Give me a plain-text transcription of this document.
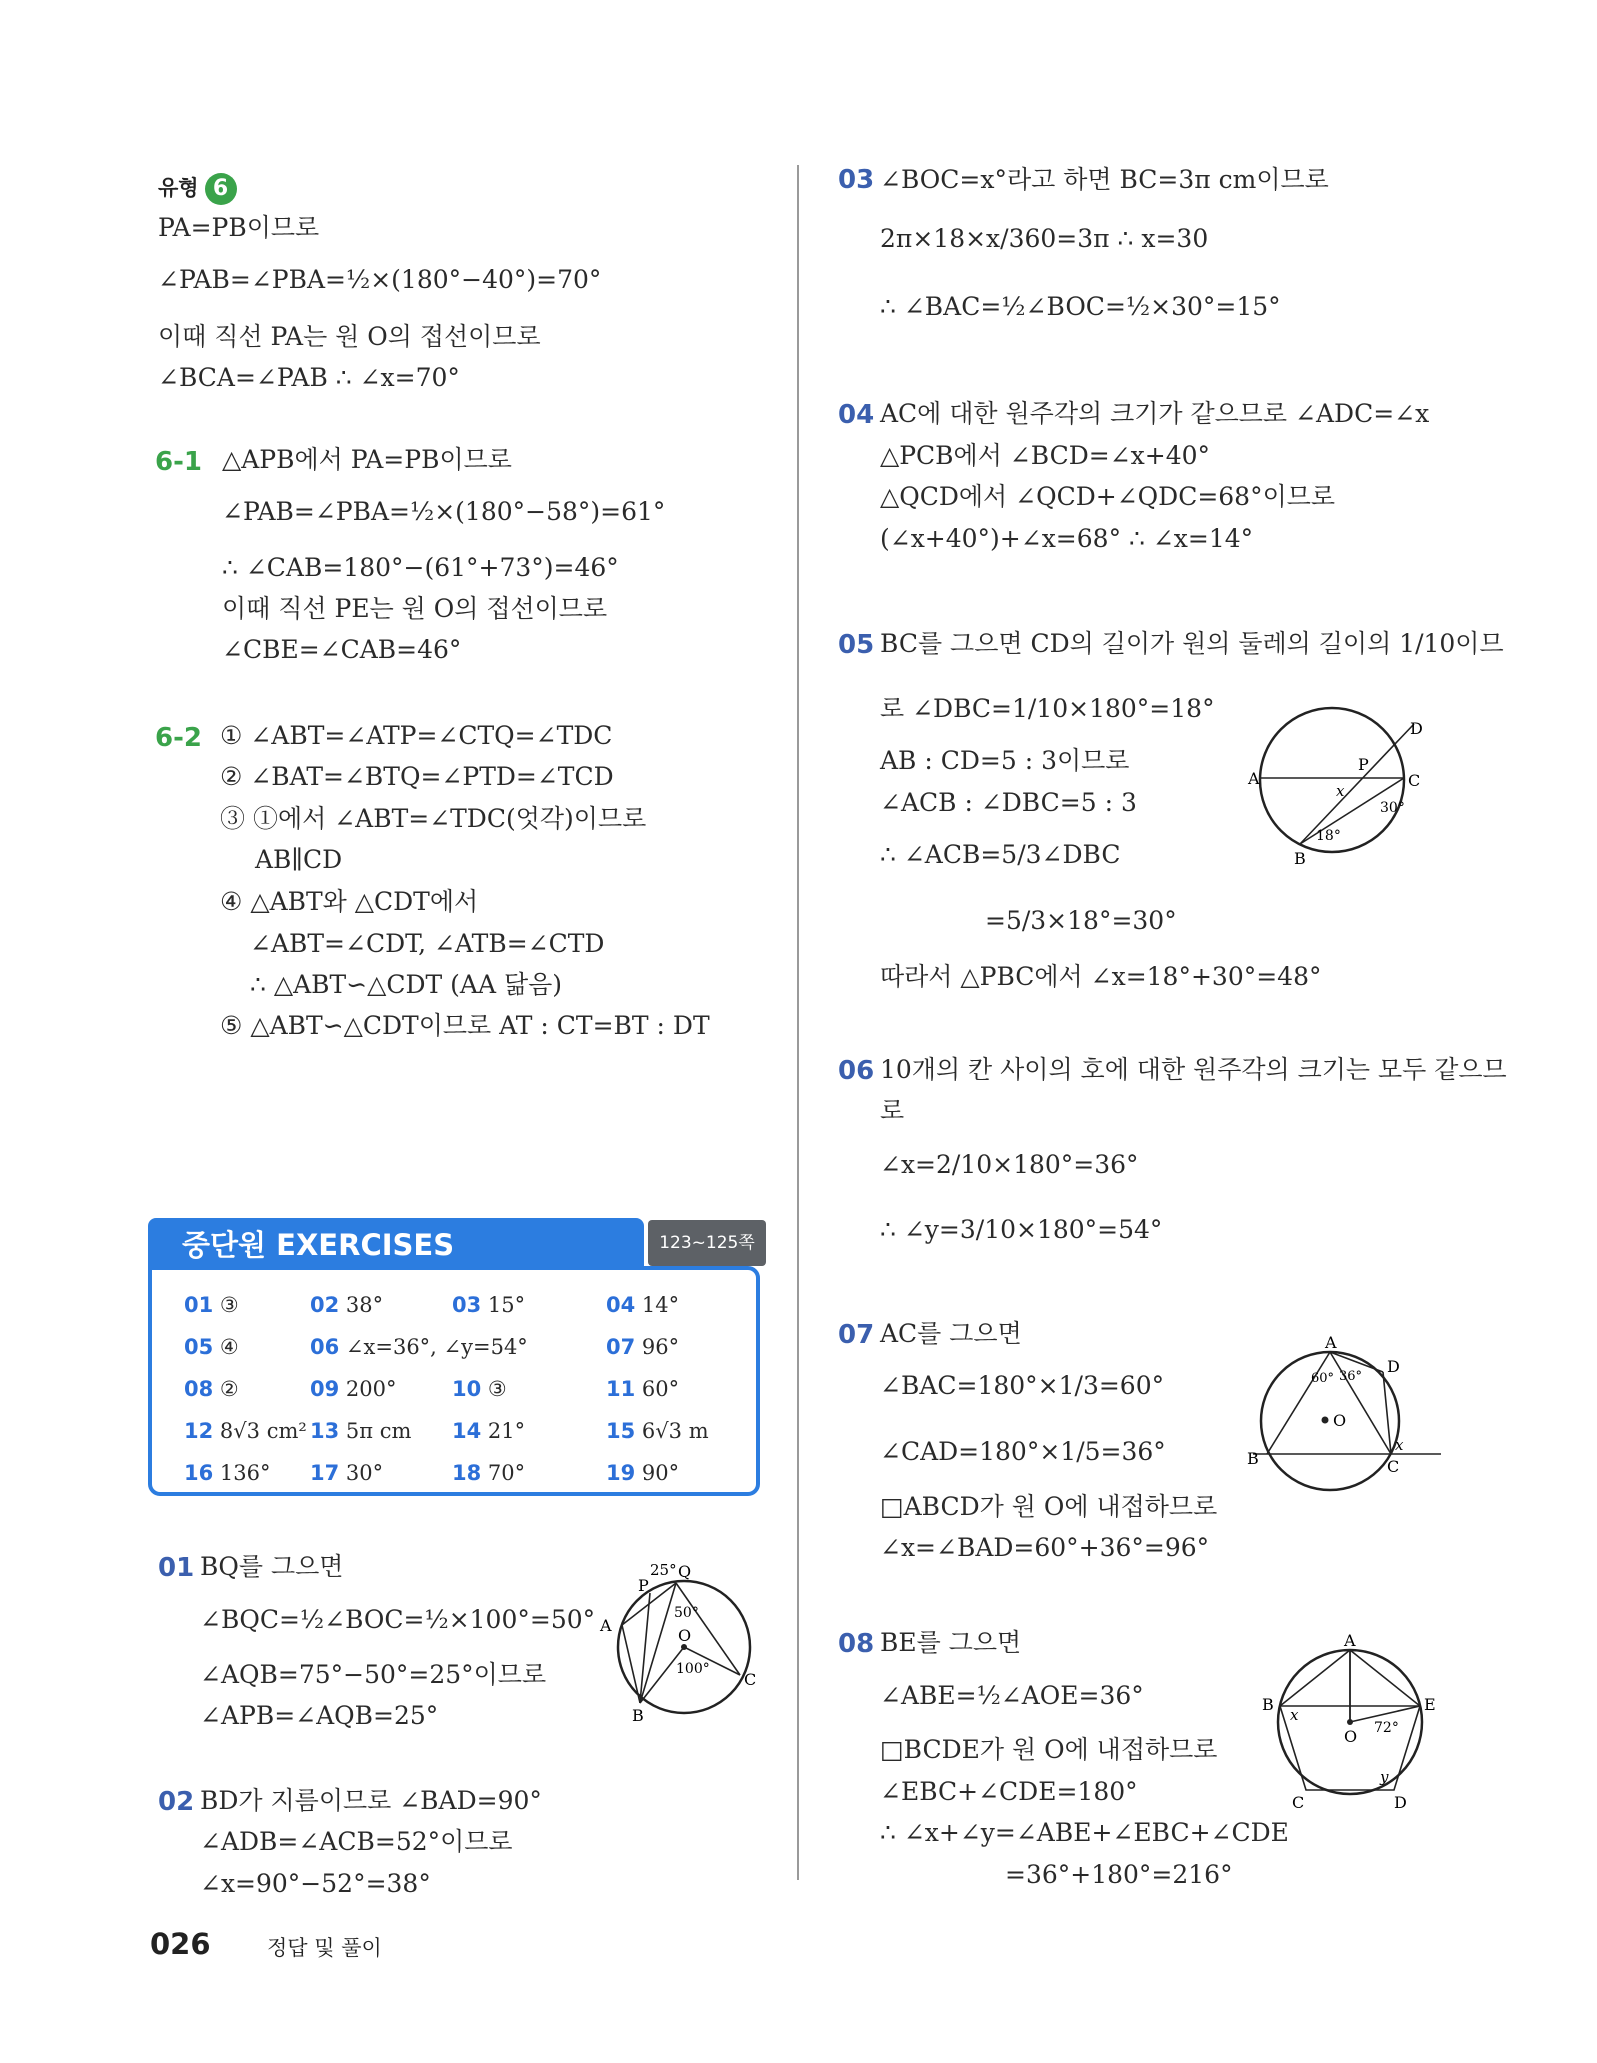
유형 6
PA=PB이므로
∠PAB=∠PBA=½×(180°−40°)=70°
이때 직선 PA는 원 O의 접선이므로
∠BCA=∠PAB ∴ ∠x=70°
6-1 △APB에서 PA=PB이므로
∠PAB=∠PBA=½×(180°−58°)=61°
∴ ∠CAB=180°−(61°+73°)=46°
이때 직선 PE는 원 O의 접선이므로
∠CBE=∠CAB=46°
6-2 ① ∠ABT=∠ATP=∠CTQ=∠TDC
② ∠BAT=∠BTQ=∠PTD=∠TCD
③ ①에서 ∠ABT=∠TDC(엇각)이므로
AB∥CD
④ △ABT와 △CDT에서
∠ABT=∠CDT, ∠ATB=∠CTD
∴ △ABT∽△CDT (AA 닮음)
⑤ △ABT∽△CDT이므로 AT : CT=BT : DT
중단원 EXERCISES	123~125쪽
01 ③	02 38°	03 15°	04 14°
05 ④	06 ∠x=36°, ∠y=54°	07 96°
08 ②	09 200°	10 ③	11 60°
12 8√3 cm² 13 5π cm 14 21°	15 6√3 m
16 136° 17 30°	18 70°	19 90°
01 BQ를 그으면
∠BQC=½∠BOC=½×100°=50°
∠AQB=75°−50°=25°이므로
∠APB=∠AQB=25°
25°
P
Q
A
B
C
O
50°
100°
02 BD가 지름이므로 ∠BAD=90°
∠ADB=∠ACB=52°이므로
∠x=90°−52°=38°
03 ∠BOC=x°라고 하면 BC=3π cm이므로
2π×18×x/360=3π ∴ x=30
∴ ∠BAC=½∠BOC=½×30°=15°
04 AC에 대한 원주각의 크기가 같으므로 ∠ADC=∠x
△PCB에서 ∠BCD=∠x+40°
△QCD에서 ∠QCD+∠QDC=68°이므로
(∠x+40°)+∠x=68° ∴ ∠x=14°
05 BC를 그으면 CD의 길이가 원의 둘레의 길이의 1/10이므
로 ∠DBC=1/10×180°=18°
AB : CD=5 : 3이므로
∠ACB : ∠DBC=5 : 3
∴ ∠ACB=5/3∠DBC
=5/3×18°=30°
따라서 △PBC에서 ∠x=18°+30°=48°
A
B
C
D
P
x
30°
18°
06 10개의 칸 사이의 호에 대한 원주각의 크기는 모두 같으므
로
∠x=2/10×180°=36°
∴ ∠y=3/10×180°=54°
07 AC를 그으면
∠BAC=180°×1/3=60°
∠CAD=180°×1/5=36°
□ABCD가 원 O에 내접하므로
∠x=∠BAD=60°+36°=96°
A
B	C
D
O
x
60° 36°
08 BE를 그으면
∠ABE=½∠AOE=36°
□BCDE가 원 O에 내접하므로
∠EBC+∠CDE=180°
∴ ∠x+∠y=∠ABE+∠EBC+∠CDE
=36°+180°=216°
A
B
C	D
E
O
x
y
72°
026	정답 및 풀이
